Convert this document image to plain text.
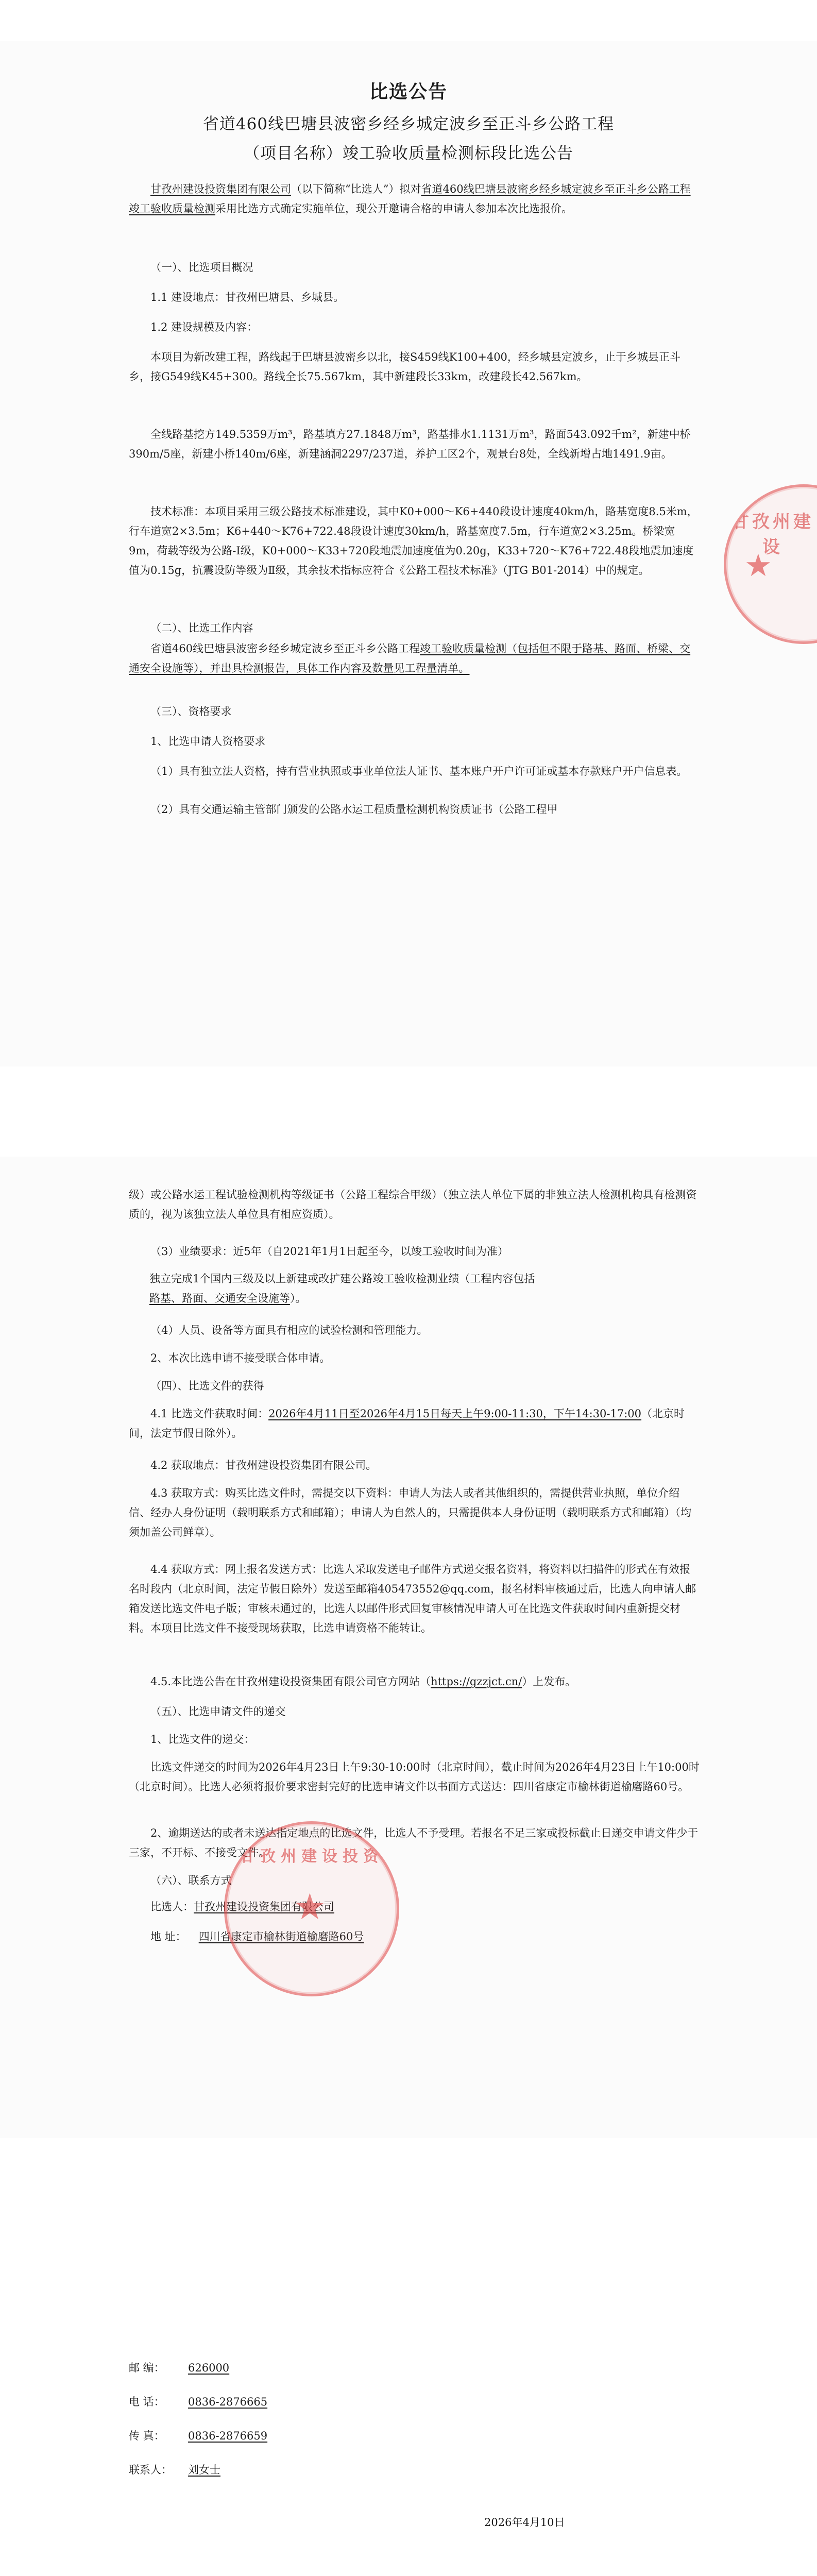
比选公告
省道460线巴塘县波密乡经乡城定波乡至正斗乡公路工程
（项目名称）竣工验收质量检测标段比选公告
甘孜州建设投资集团有限公司（以下简称“比选人”）拟对省道460线巴塘县波密乡经乡城定波乡至正斗乡公路工程竣工验收质量检测采用比选方式确定实施单位，现公开邀请合格的申请人参加本次比选报价。
（一）、比选项目概况
1.1 建设地点：甘孜州巴塘县、乡城县。
1.2 建设规模及内容：
本项目为新改建工程，路线起于巴塘县波密乡以北，接S459线K100+400，经乡城县定波乡，止于乡城县正斗乡，接G549线K45+300。路线全长75.567km，其中新建段长33km，改建段长42.567km。
全线路基挖方149.5359万m³，路基填方27.1848万m³，路基排水1.1131万m³，路面543.092千m²，新建中桥390m/5座，新建小桥140m/6座，新建涵洞2297/237道，养护工区2个，观景台8处，全线新增占地1491.9亩。
技术标准：本项目采用三级公路技术标准建设，其中K0+000～K6+440段设计速度40km/h，路基宽度8.5米m，行车道宽2×3.5m；K6+440～K76+722.48段设计速度30km/h，路基宽度7.5m，行车道宽2×3.25m。桥梁宽9m，荷载等级为公路-Ⅰ级，K0+000～K33+720段地震加速度值为0.20g，K33+720～K76+722.48段地震加速度值为0.15g，抗震设防等级为Ⅱ级，其余技术指标应符合《公路工程技术标准》（JTG B01-2014）中的规定。
（二）、比选工作内容
省道460线巴塘县波密乡经乡城定波乡至正斗乡公路工程竣工验收质量检测（包括但不限于路基、路面、桥梁、交通安全设施等），并出具检测报告，具体工作内容及数量见工程量清单。
（三）、资格要求
1、比选申请人资格要求
（1）具有独立法人资格，持有营业执照或事业单位法人证书、基本账户开户许可证或基本存款账户开户信息表。
（2）具有交通运输主管部门颁发的公路水运工程质量检测机构资质证书（公路工程甲
甘孜州建设
★
级）或公路水运工程试验检测机构等级证书（公路工程综合甲级）（独立法人单位下属的非独立法人检测机构具有检测资质的，视为该独立法人单位具有相应资质）。
（3）业绩要求：近5年（自2021年1月1日起至今，以竣工验收时间为准）
独立完成1个国内三级及以上新建或改扩建公路竣工验收检测业绩（工程内容包括
路基、路面、交通安全设施等）。
（4）人员、设备等方面具有相应的试验检测和管理能力。
2、本次比选申请不接受联合体申请。
（四）、比选文件的获得
4.1 比选文件获取时间：2026年4月11日至2026年4月15日每天上午9:00-11:30，下午14:30-17:00（北京时间，法定节假日除外）。
4.2 获取地点：甘孜州建设投资集团有限公司。
4.3 获取方式：购买比选文件时，需提交以下资料：申请人为法人或者其他组织的，需提供营业执照，单位介绍信、经办人身份证明（载明联系方式和邮箱）；申请人为自然人的，只需提供本人身份证明（载明联系方式和邮箱）（均须加盖公司鲜章）。
4.4 获取方式：网上报名发送方式：比选人采取发送电子邮件方式递交报名资料，将资料以扫描件的形式在有效报名时段内（北京时间，法定节假日除外）发送至邮箱405473552@qq.com，报名材料审核通过后，比选人向申请人邮箱发送比选文件电子版；审核未通过的，比选人以邮件形式回复审核情况申请人可在比选文件获取时间内重新提交材料。本项目比选文件不接受现场获取，比选申请资格不能转让。
4.5.本比选公告在甘孜州建设投资集团有限公司官方网站（https://gzzjct.cn/）上发布。
（五）、比选申请文件的递交
1、比选文件的递交：
比选文件递交的时间为2026年4月23日上午9:30-10:00时（北京时间），截止时间为2026年4月23日上午10:00时（北京时间）。比选人必须将报价要求密封完好的比选申请文件以书面方式送达：四川省康定市榆林街道榆磨路60号。
2、逾期送达的或者未送达指定地点的比选文件，比选人不予受理。若报名不足三家或投标截止日递交申请文件少于三家，不开标、不接受文件。
（六）、联系方式
比选人：甘孜州建设投资集团有限公司
地 址： 四川省康定市榆林街道榆磨路60号
甘孜州建设投资
★
邮 编： 626000
电 话： 0836-2876665
传 真： 0836-2876659
联系人： 刘女士
2026年4月10日
